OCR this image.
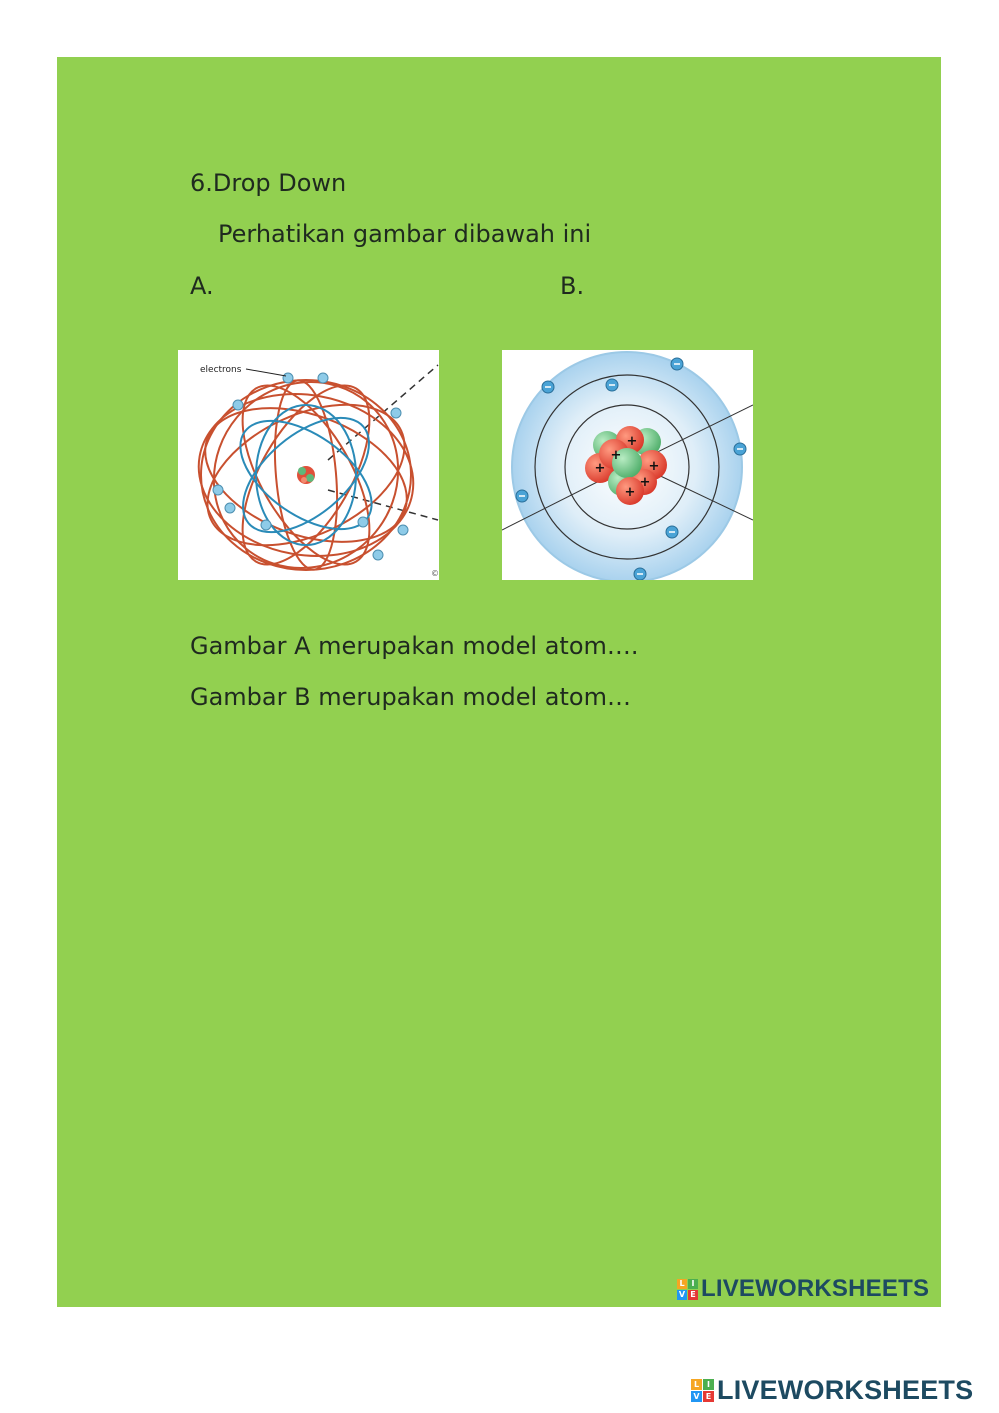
6.Drop Down
Perhatikan gambar dibawah ini
A.	B.
electrons
©
+
+
+
+
+
+
Gambar A merupakan model atom….
Gambar B merupakan model atom…
L I
V E LIVEWORKSHEETS
L I
V E LIVEWORKSHEETS
